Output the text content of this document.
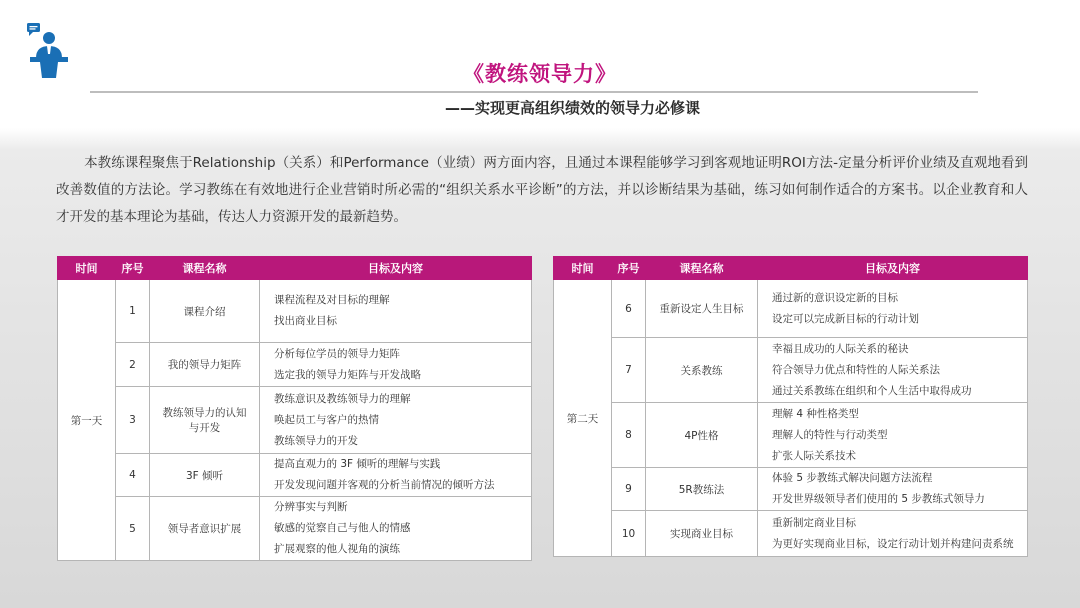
《教练领导力》
——实现更高组织绩效的领导力必修课
本教练课程聚焦于Relationship（关系）和Performance（业绩）两方面内容，且通过本课程能够学习到客观地证明ROI方法-定量分析评价业绩及直观地看到改善数值的方法论。学习教练在有效地进行企业营销时所必需的“组织关系水平诊断”的方法，并以诊断结果为基础，练习如何制作适合的方案书。以企业教育和人才开发的基本理论为基础，传达人力资源开发的最新趋势。
时间	序号	课程名称	目标及内容
第一天	1	课程介绍	课程流程及对目标的理解
找出商业目标

	2	我的领导力矩阵	分析每位学员的领导力矩阵
选定我的领导力矩阵与开发战略

	3	教练领导力的认知与开发	教练意识及教练领导力的理解
唤起员工与客户的热情
教练领导力的开发

	4	3F 倾听	提高直观力的 3F 倾听的理解与实践
开发发现问题并客观的分析当前情况的倾听方法

	5	领导者意识扩展	分辨事实与判断
敏感的觉察自己与他人的情感
扩展观察的他人视角的演练
时间	序号	课程名称	目标及内容
第二天	6	重新设定人生目标	通过新的意识设定新的目标
设定可以完成新目标的行动计划

	7	关系教练	幸福且成功的人际关系的秘诀
符合领导力优点和特性的人际关系法
通过关系教练在组织和个人生活中取得成功

	8	4P性格	理解 4 种性格类型
理解人的特性与行动类型
扩张人际关系技术

	9	5R教练法	体验 5 步教练式解决问题方法流程
开发世界级领导者们使用的 5 步教练式领导力

	10	实现商业目标	重新制定商业目标
为更好实现商业目标，设定行动计划并构建问责系统
